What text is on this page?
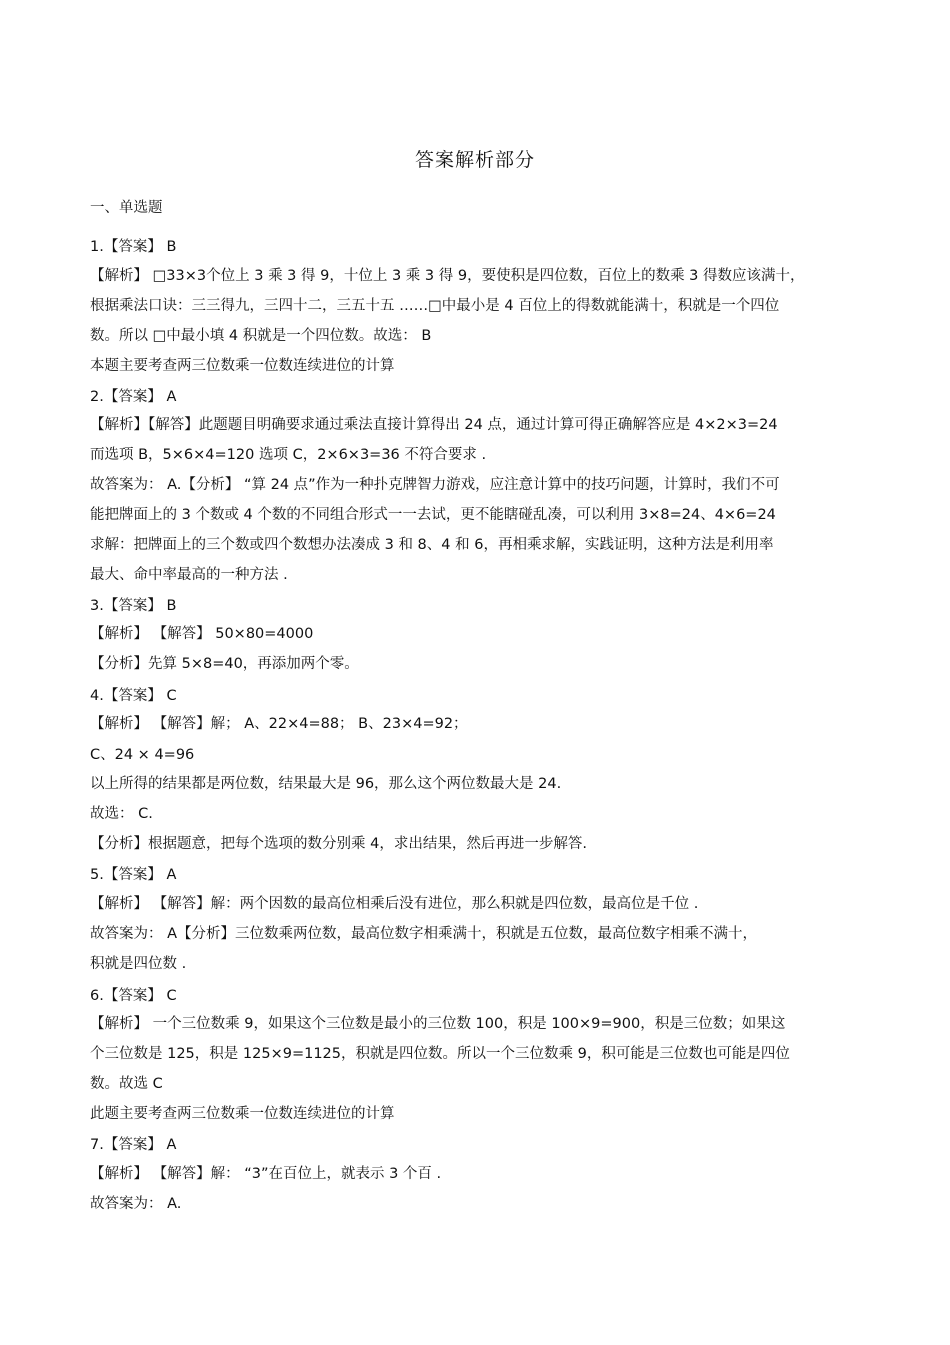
答案解析部分
一、单选题
1.【答案】 B
【解析】 □33×3个位上 3 乘 3 得 9，十位上 3 乘 3 得 9，要使积是四位数，百位上的数乘 3 得数应该满十，
根据乘法口诀：三三得九，三四十二，三五十五 ……□中最小是 4 百位上的得数就能满十，积就是一个四位
数。所以 □中最小填 4 积就是一个四位数。故选： B
本题主要考查两三位数乘一位数连续进位的计算
2.【答案】 A
【解析】【解答】此题题目明确要求通过乘法直接计算得出 24 点，通过计算可得正确解答应是 4×2×3=24
而选项 B，5×6×4=120 选项 C，2×6×3=36 不符合要求 .
故答案为： A.【分析】 “算 24 点”作为一种扑克牌智力游戏，应注意计算中的技巧问题，计算时，我们不可
能把牌面上的 3 个数或 4 个数的不同组合形式一一去试，更不能瞎碰乱凑，可以利用 3×8=24、4×6=24
求解：把牌面上的三个数或四个数想办法凑成 3 和 8、4 和 6，再相乘求解，实践证明，这种方法是利用率
最大、命中率最高的一种方法 .
3.【答案】 B
【解析】 【解答】 50×80=4000
【分析】先算 5×8=40，再添加两个零。
4.【答案】 C
【解析】 【解答】解； A、22×4=88； B、23×4=92；
C、24 × 4=96
以上所得的结果都是两位数，结果最大是 96，那么这个两位数最大是 24.
故选： C.
【分析】根据题意，把每个选项的数分别乘 4，求出结果，然后再进一步解答.
5.【答案】 A
【解析】 【解答】解：两个因数的最高位相乘后没有进位，那么积就是四位数，最高位是千位 .
故答案为： A【分析】三位数乘两位数，最高位数字相乘满十，积就是五位数，最高位数字相乘不满十，
积就是四位数 .
6.【答案】 C
【解析】 一个三位数乘 9，如果这个三位数是最小的三位数 100，积是 100×9=900，积是三位数；如果这
个三位数是 125，积是 125×9=1125，积就是四位数。所以一个三位数乘 9，积可能是三位数也可能是四位
数。故选 C
此题主要考查两三位数乘一位数连续进位的计算
7.【答案】 A
【解析】 【解答】解： “3”在百位上，就表示 3 个百 .
故答案为： A.
